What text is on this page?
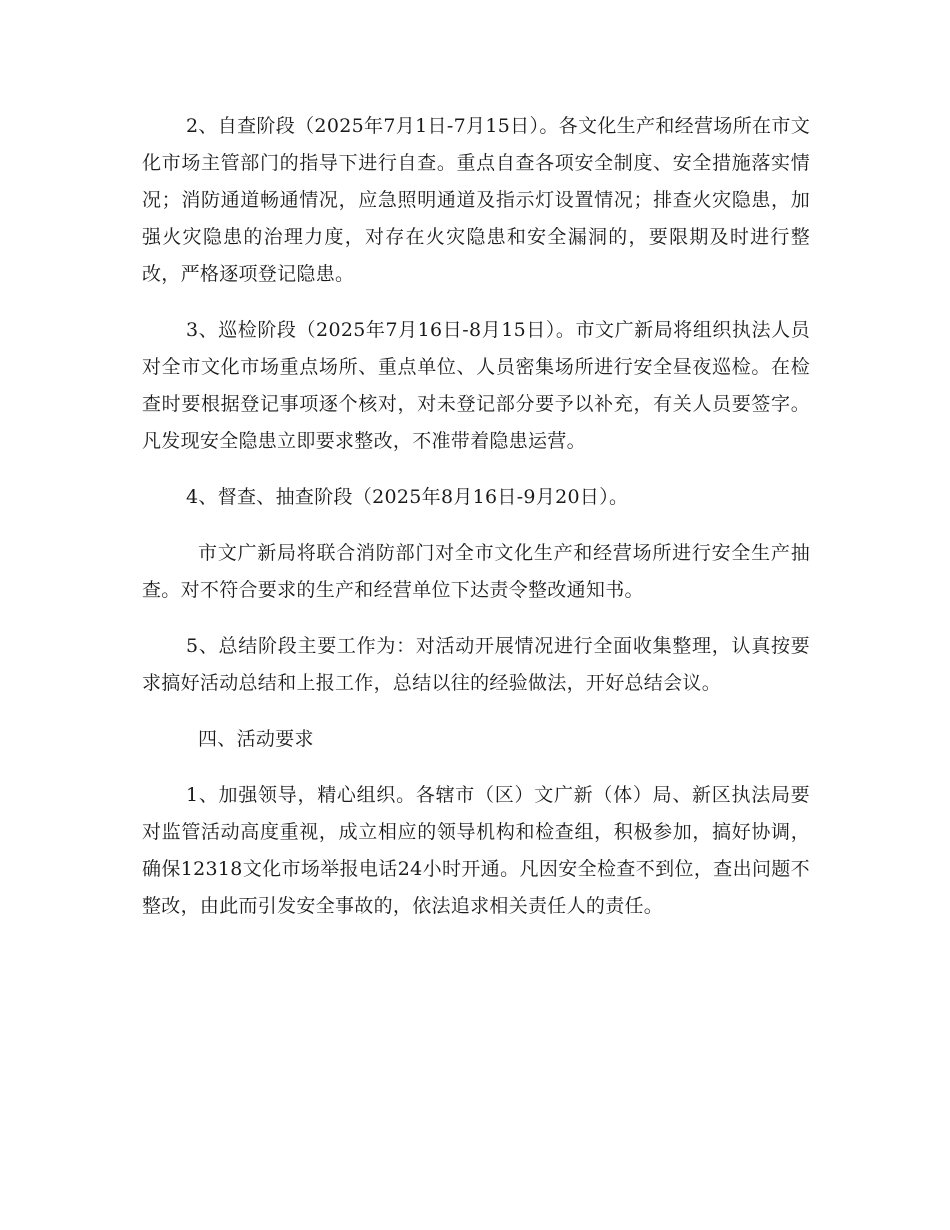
2、自查阶段（2025年7月1日-7月15日）。各文化生产和经营场所在市文化市场主管部门的指导下进行自查。重点自查各项安全制度、安全措施落实情况；消防通道畅通情况，应急照明通道及指示灯设置情况；排查火灾隐患，加强火灾隐患的治理力度，对存在火灾隐患和安全漏洞的，要限期及时进行整改，严格逐项登记隐患。

3、巡检阶段（2025年7月16日-8月15日）。市文广新局将组织执法人员对全市文化市场重点场所、重点单位、人员密集场所进行安全昼夜巡检。在检查时要根据登记事项逐个核对，对未登记部分要予以补充，有关人员要签字。凡发现安全隐患立即要求整改，不准带着隐患运营。

4、督查、抽查阶段（2025年8月16日-9月20日）。

市文广新局将联合消防部门对全市文化生产和经营场所进行安全生产抽查。对不符合要求的生产和经营单位下达责令整改通知书。

5、总结阶段主要工作为：对活动开展情况进行全面收集整理，认真按要求搞好活动总结和上报工作，总结以往的经验做法，开好总结会议。

四、活动要求

1、加强领导，精心组织。各辖市（区）文广新（体）局、新区执法局要对监管活动高度重视，成立相应的领导机构和检查组，积极参加，搞好协调，确保12318文化市场举报电话24小时开通。凡因安全检查不到位，查出问题不整改，由此而引发安全事故的，依法追求相关责任人的责任。
